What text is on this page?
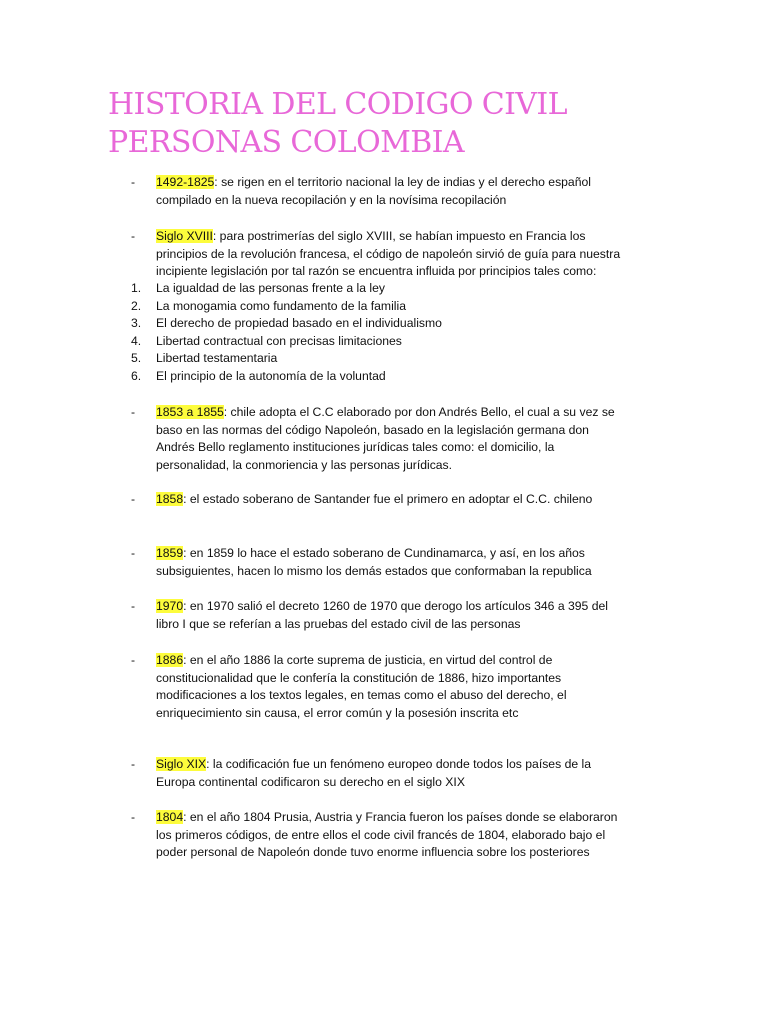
HISTORIA DEL CODIGO CIVIL
PERSONAS COLOMBIA
- 1492-1825: se rigen en el territorio nacional la ley de indias y el derecho español compilado en la nueva recopilación y en la novísima recopilación
- Siglo XVIII: para postrimerías del siglo XVIII, se habían impuesto en Francia los principios de la revolución francesa, el código de napoleón sirvió de guía para nuestra incipiente legislación por tal razón se encuentra influida por principios tales como:
1. La igualdad de las personas frente a la ley
2. La monogamia como fundamento de la familia
3. El derecho de propiedad basado en el individualismo
4. Libertad contractual con precisas limitaciones
5. Libertad testamentaria
6. El principio de la autonomía de la voluntad
- 1853 a 1855: chile adopta el C.C elaborado por don Andrés Bello, el cual a su vez se baso en las normas del código Napoleón, basado en la legislación germana don Andrés Bello reglamento instituciones jurídicas tales como: el domicilio, la personalidad, la conmoriencia y las personas jurídicas.
- 1858: el estado soberano de Santander fue el primero en adoptar el C.C. chileno
- 1859: en 1859 lo hace el estado soberano de Cundinamarca, y así, en los años subsiguientes, hacen lo mismo los demás estados que conformaban la republica
- 1970: en 1970 salió el decreto 1260 de 1970 que derogo los artículos 346 a 395 del libro I que se referían a las pruebas del estado civil de las personas
- 1886: en el año 1886 la corte suprema de justicia, en virtud del control de constitucionalidad que le confería la constitución de 1886, hizo importantes modificaciones a los textos legales, en temas como el abuso del derecho, el enriquecimiento sin causa, el error común y la posesión inscrita etc
- Siglo XIX: la codificación fue un fenómeno europeo donde todos los países de la Europa continental codificaron su derecho en el siglo XIX
- 1804: en el año 1804 Prusia, Austria y Francia fueron los países donde se elaboraron los primeros códigos, de entre ellos el code civil francés de 1804, elaborado bajo el poder personal de Napoleón donde tuvo enorme influencia sobre los posteriores
